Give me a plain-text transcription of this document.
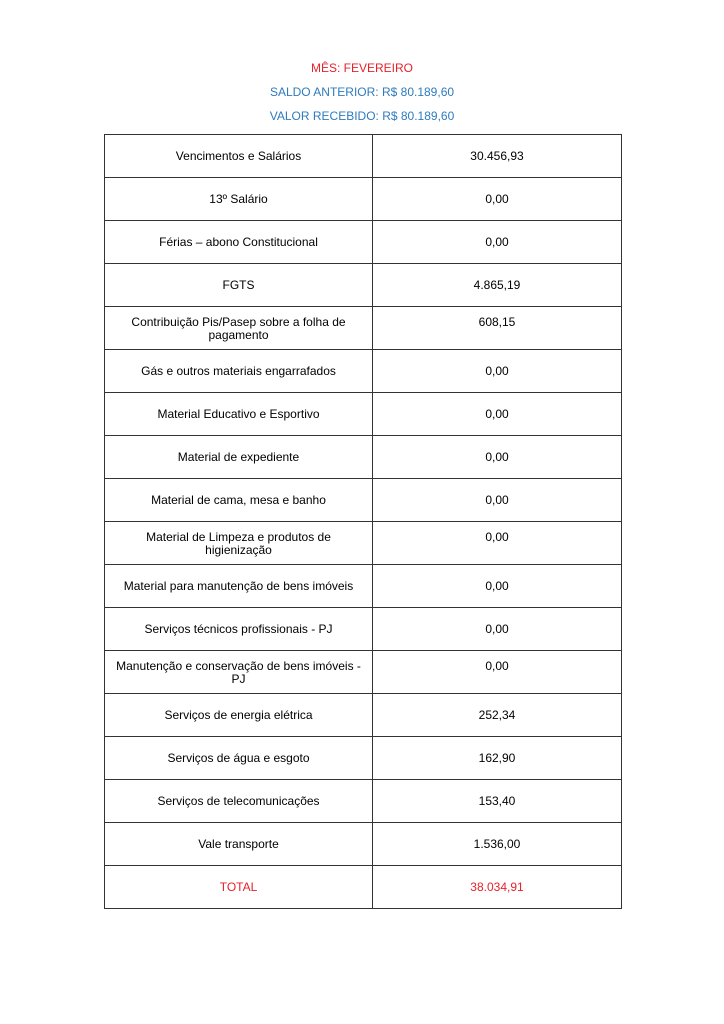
MÊS: FEVEREIRO
SALDO ANTERIOR: R$ 80.189,60
VALOR RECEBIDO: R$ 80.189,60
Vencimentos e Salários	30.456,93
13º Salário	0,00
Férias – abono Constitucional	0,00
FGTS	4.865,19
Contribuição Pis/Pasep sobre a folha de pagamento	608,15
Gás e outros materiais engarrafados	0,00
Material Educativo e Esportivo	0,00
Material de expediente	0,00
Material de cama, mesa e banho	0,00
Material de Limpeza e produtos de higienização	0,00
Material para manutenção de bens imóveis	0,00
Serviços técnicos profissionais - PJ	0,00
Manutenção e conservação de bens imóveis - PJ	0,00
Serviços de energia elétrica	252,34
Serviços de água e esgoto	162,90
Serviços de telecomunicações	153,40
Vale transporte	1.536,00
TOTAL	38.034,91
